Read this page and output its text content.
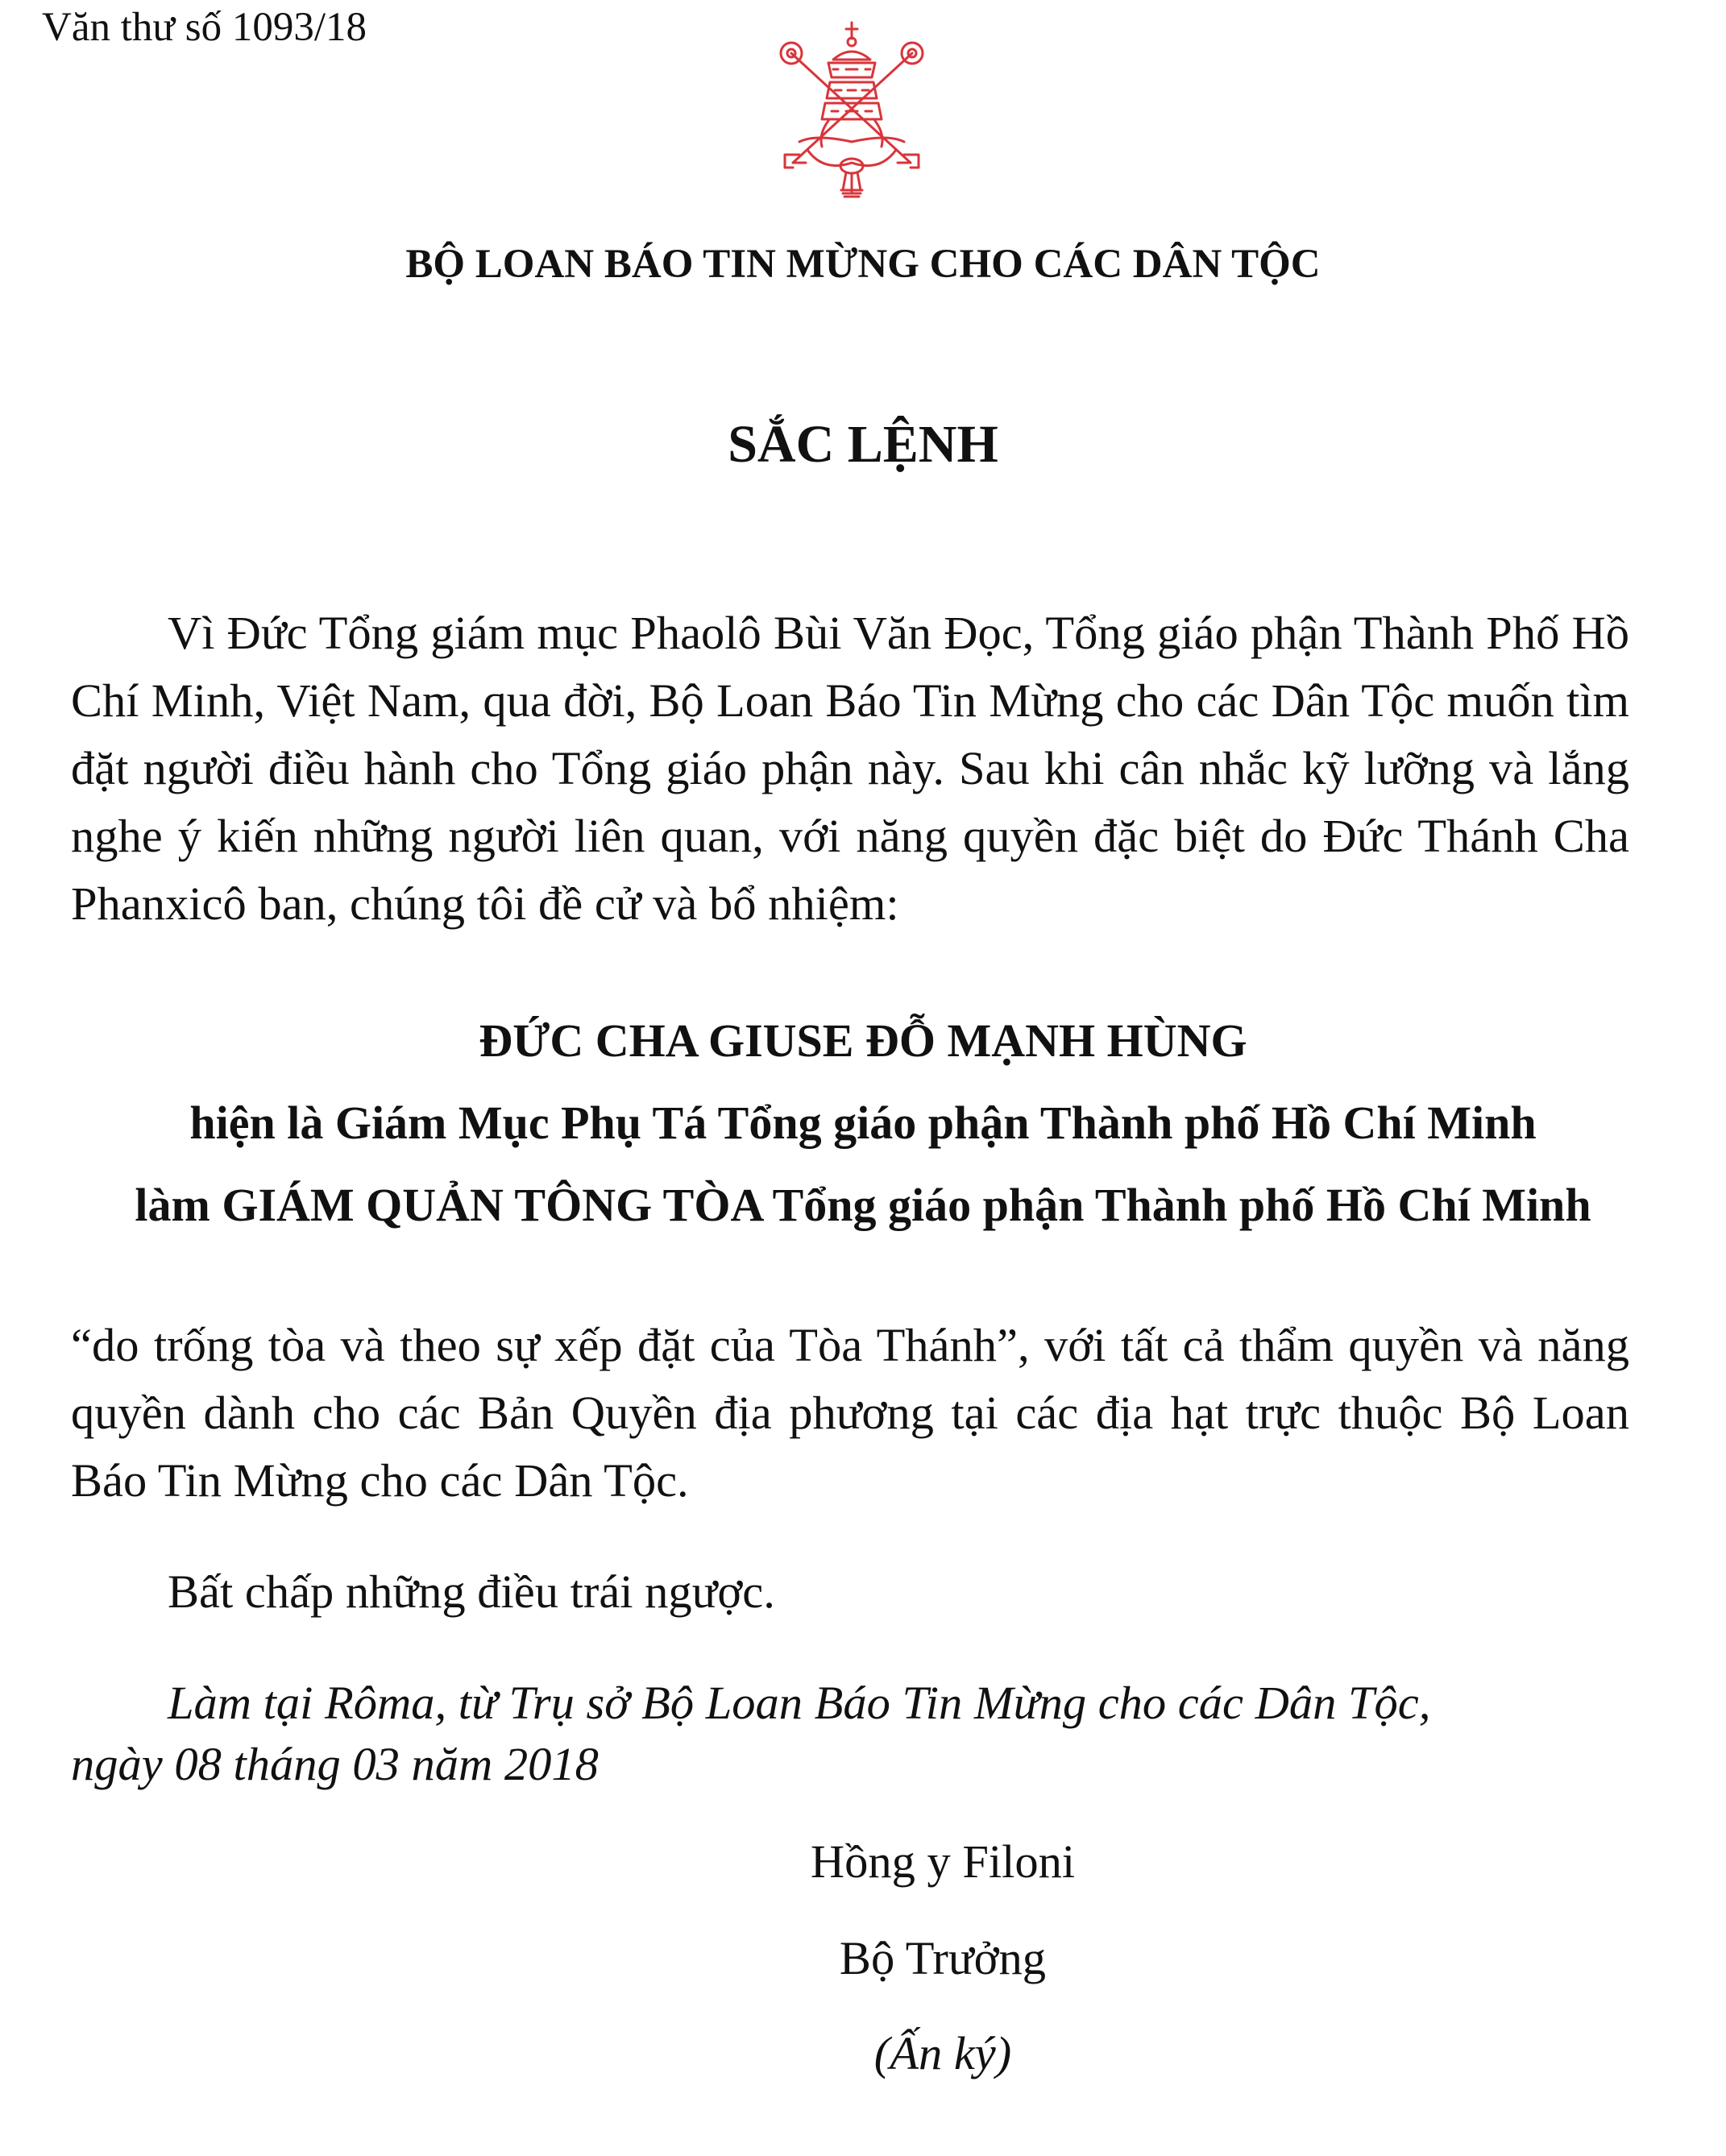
Văn thư số 1093/18
BỘ LOAN BÁO TIN MỪNG CHO CÁC DÂN TỘC
SẮC LỆNH
Vì Đức Tổng giám mục Phaolô Bùi Văn Đọc, Tổng giáo phận Thành Phố Hồ Chí Minh, Việt Nam, qua đời, Bộ Loan Báo Tin Mừng cho các Dân Tộc muốn tìm đặt người điều hành cho Tổng giáo phận này. Sau khi cân nhắc kỹ lưỡng và lắng nghe ý kiến những người liên quan, với năng quyền đặc biệt do Đức Thánh Cha Phanxicô ban, chúng tôi đề cử và bổ nhiệm:
ĐỨC CHA GIUSE ĐỖ MẠNH HÙNG
hiện là Giám Mục Phụ Tá Tổng giáo phận Thành phố Hồ Chí Minh
làm GIÁM QUẢN TÔNG TÒA Tổng giáo phận Thành phố Hồ Chí Minh
“do trống tòa và theo sự xếp đặt của Tòa Thánh”, với tất cả thẩm quyền và năng quyền dành cho các Bản Quyền địa phương tại các địa hạt trực thuộc Bộ Loan Báo Tin Mừng cho các Dân Tộc.
Bất chấp những điều trái ngược.
Làm tại Rôma, từ Trụ sở Bộ Loan Báo Tin Mừng cho các Dân Tộc,
ngày 08 tháng 03 năm 2018
Hồng y Filoni
Bộ Trưởng
(Ấn ký)
